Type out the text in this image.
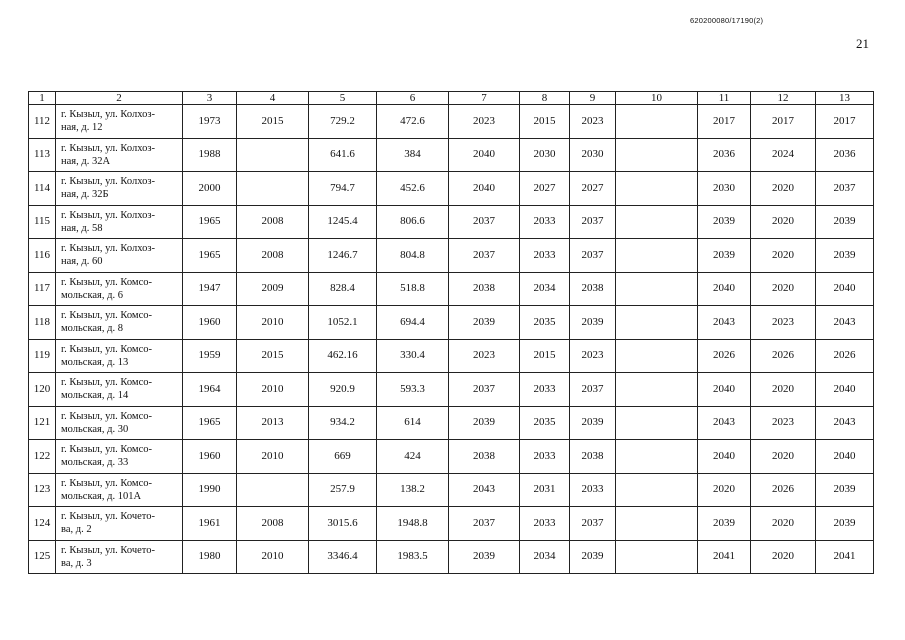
620200080/17190(2)
21
1	2	3	4	5	6	7	8	9	10	11	12	13
112	г. Кызыл, ул. Колхоз-
ная, д. 12	1973	2015	729.2	472.6	2023	2015	2023		2017	2017	2017
113	г. Кызыл, ул. Колхоз-
ная, д. 32А	1988		641.6	384	2040	2030	2030		2036	2024	2036
114	г. Кызыл, ул. Колхоз-
ная, д. 32Б	2000		794.7	452.6	2040	2027	2027		2030	2020	2037
115	г. Кызыл, ул. Колхоз-
ная, д. 58	1965	2008	1245.4	806.6	2037	2033	2037		2039	2020	2039
116	г. Кызыл, ул. Колхоз-
ная, д. 60	1965	2008	1246.7	804.8	2037	2033	2037		2039	2020	2039
117	г. Кызыл, ул. Комсо-
мольская, д. 6	1947	2009	828.4	518.8	2038	2034	2038		2040	2020	2040
118	г. Кызыл, ул. Комсо-
мольская, д. 8	1960	2010	1052.1	694.4	2039	2035	2039		2043	2023	2043
119	г. Кызыл, ул. Комсо-
мольская, д. 13	1959	2015	462.16	330.4	2023	2015	2023		2026	2026	2026
120	г. Кызыл, ул. Комсо-
мольская, д. 14	1964	2010	920.9	593.3	2037	2033	2037		2040	2020	2040
121	г. Кызыл, ул. Комсо-
мольская, д. 30	1965	2013	934.2	614	2039	2035	2039		2043	2023	2043
122	г. Кызыл, ул. Комсо-
мольская, д. 33	1960	2010	669	424	2038	2033	2038		2040	2020	2040
123	г. Кызыл, ул. Комсо-
мольская, д. 101А	1990		257.9	138.2	2043	2031	2033		2020	2026	2039
124	г. Кызыл, ул. Кочето-
ва, д. 2	1961	2008	3015.6	1948.8	2037	2033	2037		2039	2020	2039
125	г. Кызыл, ул. Кочето-
ва, д. 3	1980	2010	3346.4	1983.5	2039	2034	2039		2041	2020	2041
